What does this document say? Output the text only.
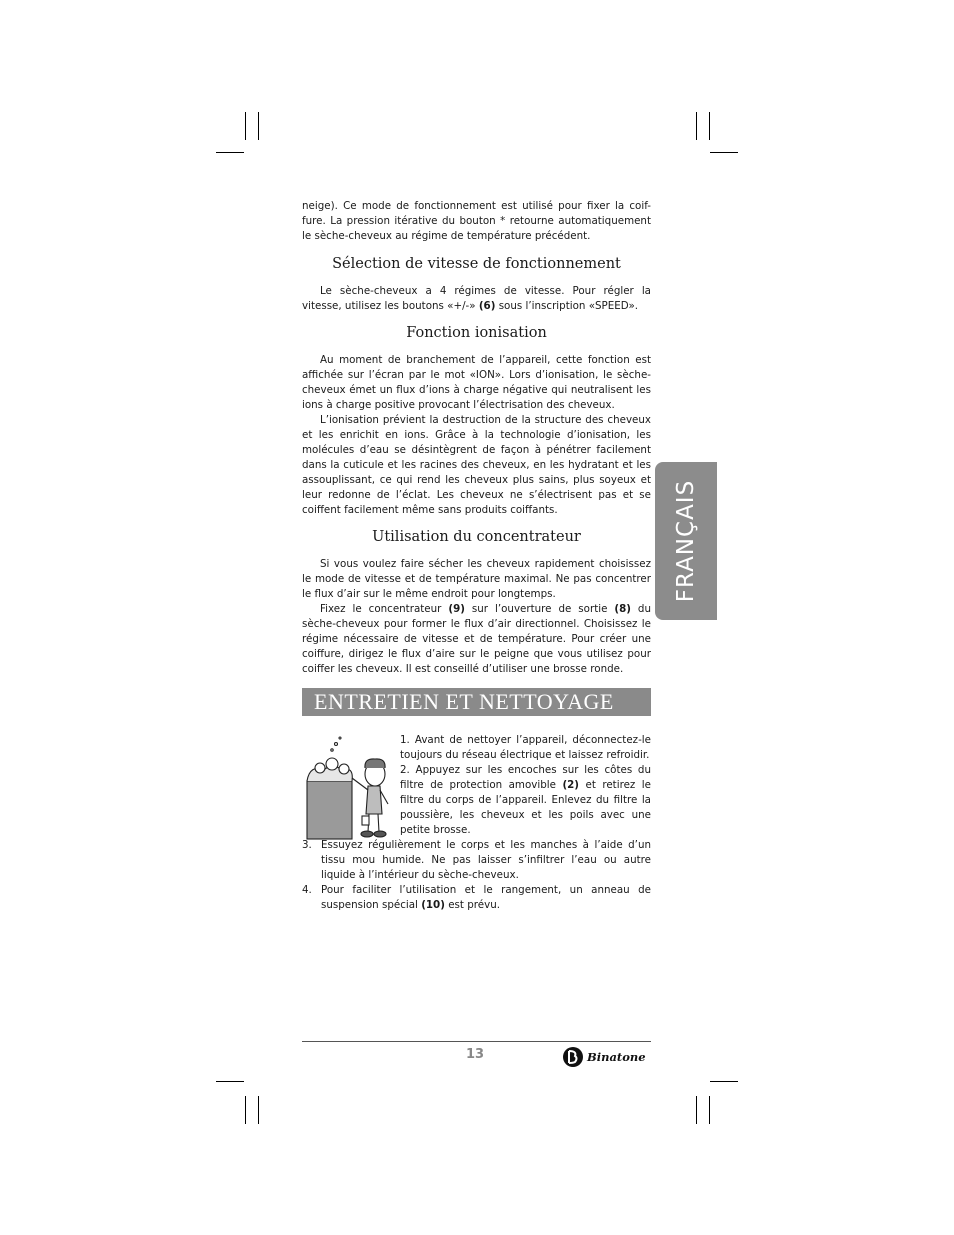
neige). Ce mode de fonctionnement est utilisé pour fixer la coif-
fure. La pression itérative du bouton * retourne automatiquement
le sèche-cheveux au régime de température précédent.
Sélection de vitesse de fonctionnement

Le sèche-cheveux a 4 régimes de vitesse. Pour régler la vitesse, utilisez les boutons «+/-» (6) sous l’inscription «SPEED».

Fonction ionisation

Au moment de branchement de l’appareil, cette fonction est affichée sur l’écran par le mot «ION». Lors d’ionisation, le sèche-cheveux émet un flux d’ions à charge négative qui neutralisent les ions à charge positive provocant l’électrisation des cheveux.

L’ionisation prévient la destruction de la structure des cheveux et les enrichit en ions. Grâce à la technologie d’ionisation, les molécules d’eau se désintègrent de façon à pénétrer facilement dans la cuticule et les racines des cheveux, en les hydratant et les assouplissant, ce qui rend les cheveux plus sains, plus soyeux et leur redonne de l’éclat. Les cheveux ne s’électrisent pas et se coiffent facilement même sans produits coiffants.

Utilisation du concentrateur

Si vous voulez faire sécher les cheveux rapidement choisissez le mode de vitesse et de température maximal. Ne pas concentrer le flux d’air sur le même endroit pour longtemps.

Fixez le concentrateur (9) sur l’ouverture de sortie (8) du sèche-cheveux pour former le flux d’air directionnel. Choisissez le régime nécessaire de vitesse et de température. Pour créer une coiffure, dirigez le flux d’aire sur le peigne que vous utilisez pour coiffer les cheveux. Il est conseillé d’utiliser une brosse ronde.

ENTRETIEN ET NETTOYAGE
1. Avant de nettoyer l’appareil, déconnectez-le toujours du réseau électrique et laissez refroidir.
2. Appuyez sur les encoches sur les côtes du filtre de protection amovible (2) et retirez le filtre du corps de l’appareil. Enlevez du filtre la poussière, les cheveux et les poils avec une petite brosse.
3. Essuyez régulièrement le corps et les manches à l’aide d’un tissu mou humide. Ne pas laisser s’infiltrer l’eau ou autre liquide à l’intérieur du sèche-cheveux.
4. Pour faciliter l’utilisation et le rangement, un anneau de suspension spécial (10) est prévu.
FRANÇAIS
13	Binatone
